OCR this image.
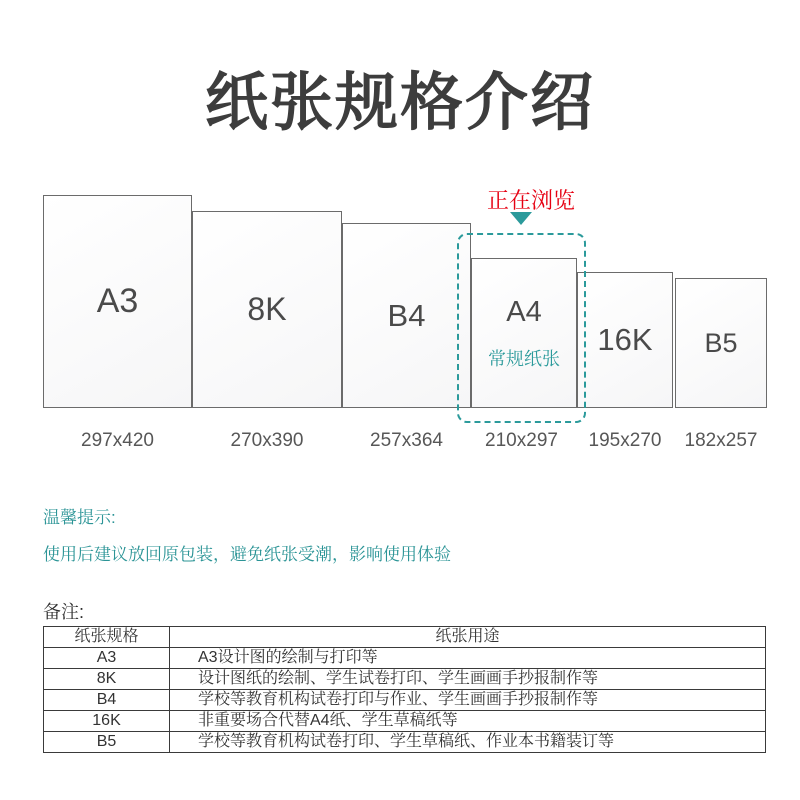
纸张规格介绍
A3	8K	B4	A4
常规纸张
16K B5
正在浏览
297x420	270x390	257x364	210x297	195x270	182x257
温馨提示:
使用后建议放回原包装，避免纸张受潮，影响使用体验
备注:
纸张规格	纸张用途
A3	A3设计图的绘制与打印等
8K	设计图纸的绘制、学生试卷打印、学生画画手抄报制作等
B4	学校等教育机构试卷打印与作业、学生画画手抄报制作等
16K	非重要场合代替A4纸、学生草稿纸等
B5	学校等教育机构试卷打印、学生草稿纸、作业本书籍装订等
